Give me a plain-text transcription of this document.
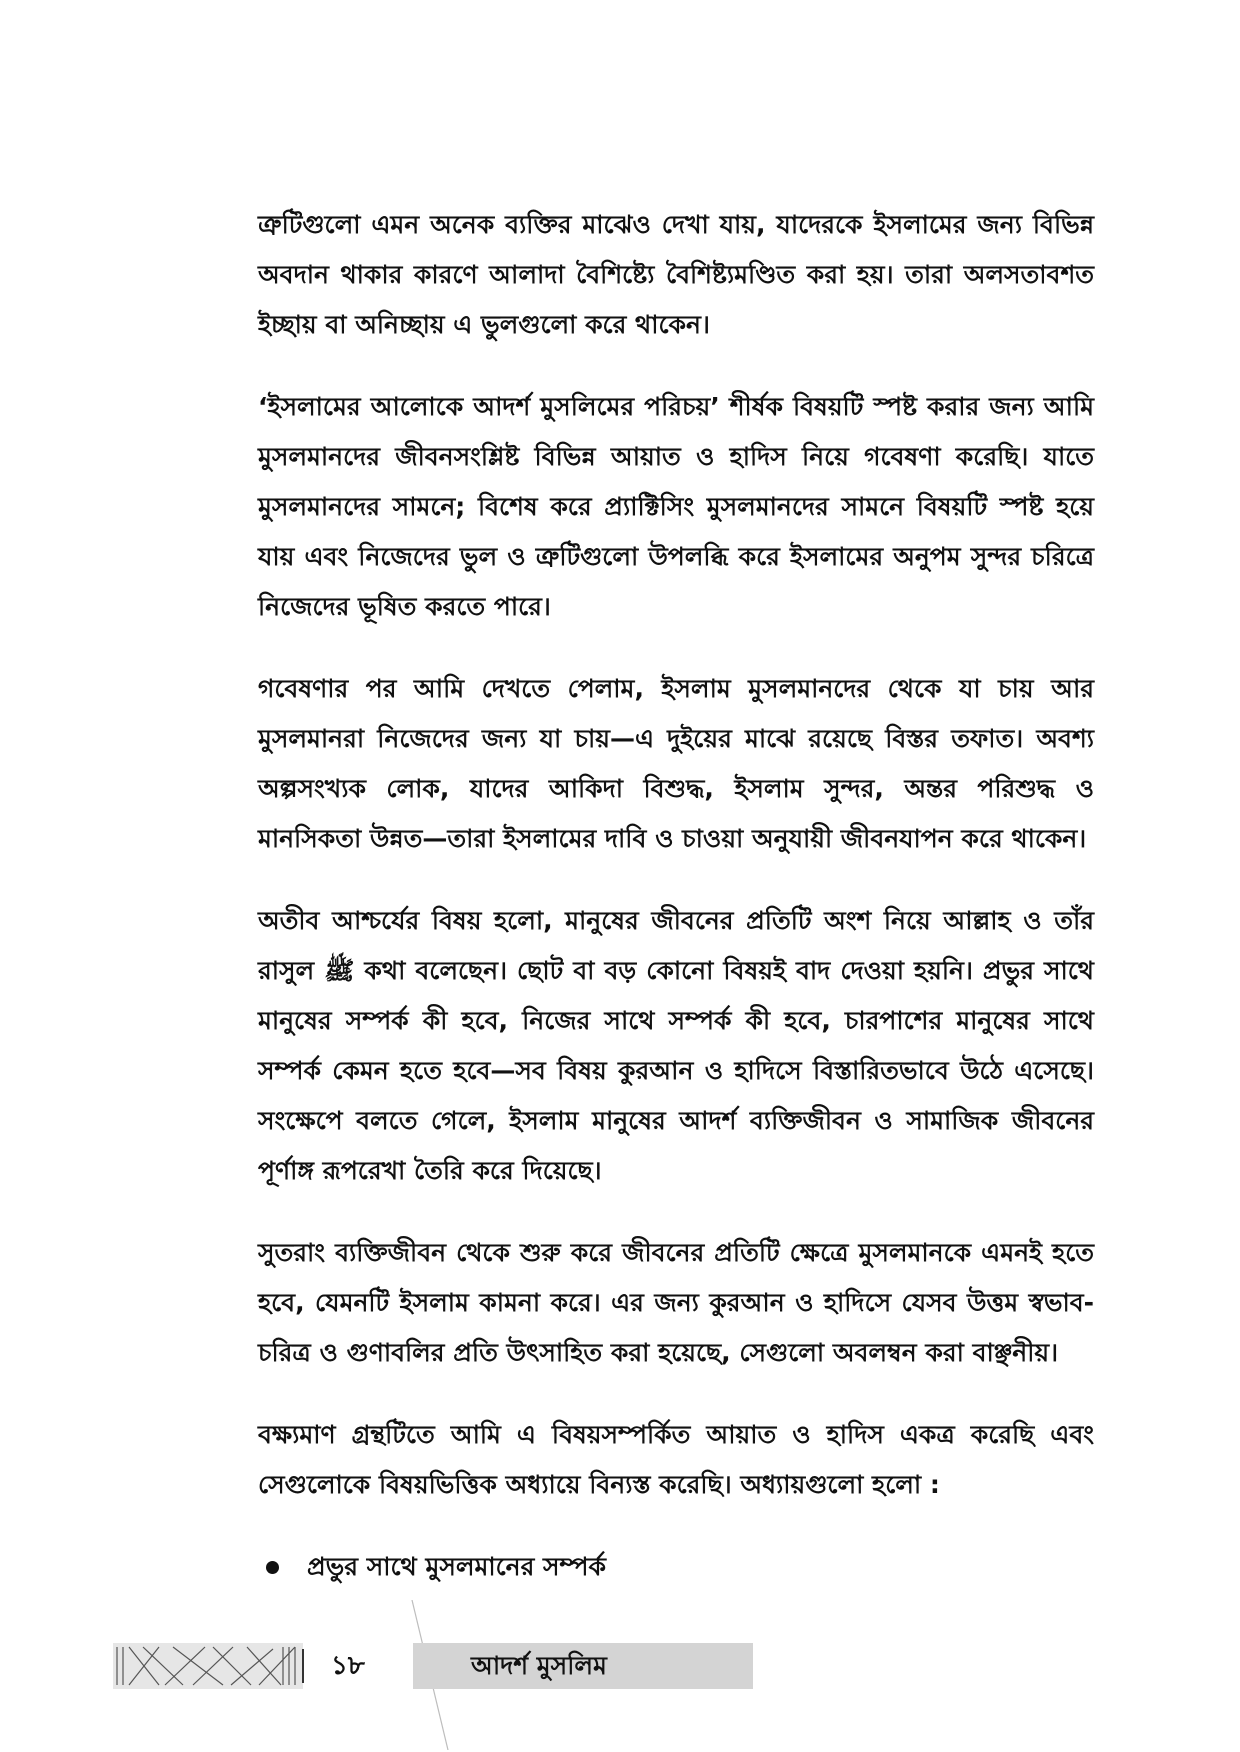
ত্রুটিগুলো এমন অনেক ব্যক্তির মাঝেও দেখা যায়, যাদেরকে ইসলামের জন্য বিভিন্ন অবদান থাকার কারণে আলাদা বৈশিষ্ট্যে বৈশিষ্ট্যমণ্ডিত করা হয়। তারা অলসতাবশত ইচ্ছায় বা অনিচ্ছায় এ ভুলগুলো করে থাকেন।

‘ইসলামের আলোকে আদর্শ মুসলিমের পরিচয়’ শীর্ষক বিষয়টি স্পষ্ট করার জন্য আমি মুসলমানদের জীবনসংশ্লিষ্ট বিভিন্ন আয়াত ও হাদিস নিয়ে গবেষণা করেছি। যাতে মুসলমানদের সামনে; বিশেষ করে প্র্যাক্টিসিং মুসলমানদের সামনে বিষয়টি স্পষ্ট হয়ে যায় এবং নিজেদের ভুল ও ত্রুটিগুলো উপলব্ধি করে ইসলামের অনুপম সুন্দর চরিত্রে নিজেদের ভূষিত করতে পারে।

গবেষণার পর আমি দেখতে পেলাম, ইসলাম মুসলমানদের থেকে যা চায় আর মুসলমানরা নিজেদের জন্য যা চায়—এ দুইয়ের মাঝে রয়েছে বিস্তর তফাত। অবশ্য অল্পসংখ্যক লোক, যাদের আকিদা বিশুদ্ধ, ইসলাম সুন্দর, অন্তর পরিশুদ্ধ ও মানসিকতা উন্নত—তারা ইসলামের দাবি ও চাওয়া অনুযায়ী জীবনযাপন করে থাকেন।

অতীব আশ্চর্যের বিষয় হলো, মানুষের জীবনের প্রতিটি অংশ নিয়ে আল্লাহ ও তাঁর রাসুল ﷺ কথা বলেছেন। ছোট বা বড় কোনো বিষয়ই বাদ দেওয়া হয়নি। প্রভুর সাথে মানুষের সম্পর্ক কী হবে, নিজের সাথে সম্পর্ক কী হবে, চারপাশের মানুষের সাথে সম্পর্ক কেমন হতে হবে—সব বিষয় কুরআন ও হাদিসে বিস্তারিতভাবে উঠে এসেছে। সংক্ষেপে বলতে গেলে, ইসলাম মানুষের আদর্শ ব্যক্তিজীবন ও সামাজিক জীবনের পূর্ণাঙ্গ রূপরেখা তৈরি করে দিয়েছে।

সুতরাং ব্যক্তিজীবন থেকে শুরু করে জীবনের প্রতিটি ক্ষেত্রে মুসলমানকে এমনই হতে হবে, যেমনটি ইসলাম কামনা করে। এর জন্য কুরআন ও হাদিসে যেসব উত্তম স্বভাব-চরিত্র ও গুণাবলির প্রতি উৎসাহিত করা হয়েছে, সেগুলো অবলম্বন করা বাঞ্ছনীয়।

বক্ষ্যমাণ গ্রন্থটিতে আমি এ বিষয়সম্পর্কিত আয়াত ও হাদিস একত্র করেছি এবং সেগুলোকে বিষয়ভিত্তিক অধ্যায়ে বিন্যস্ত করেছি। অধ্যায়গুলো হলো :

প্রভুর সাথে মুসলমানের সম্পর্ক
১৮	আদর্শ মুসলিম
